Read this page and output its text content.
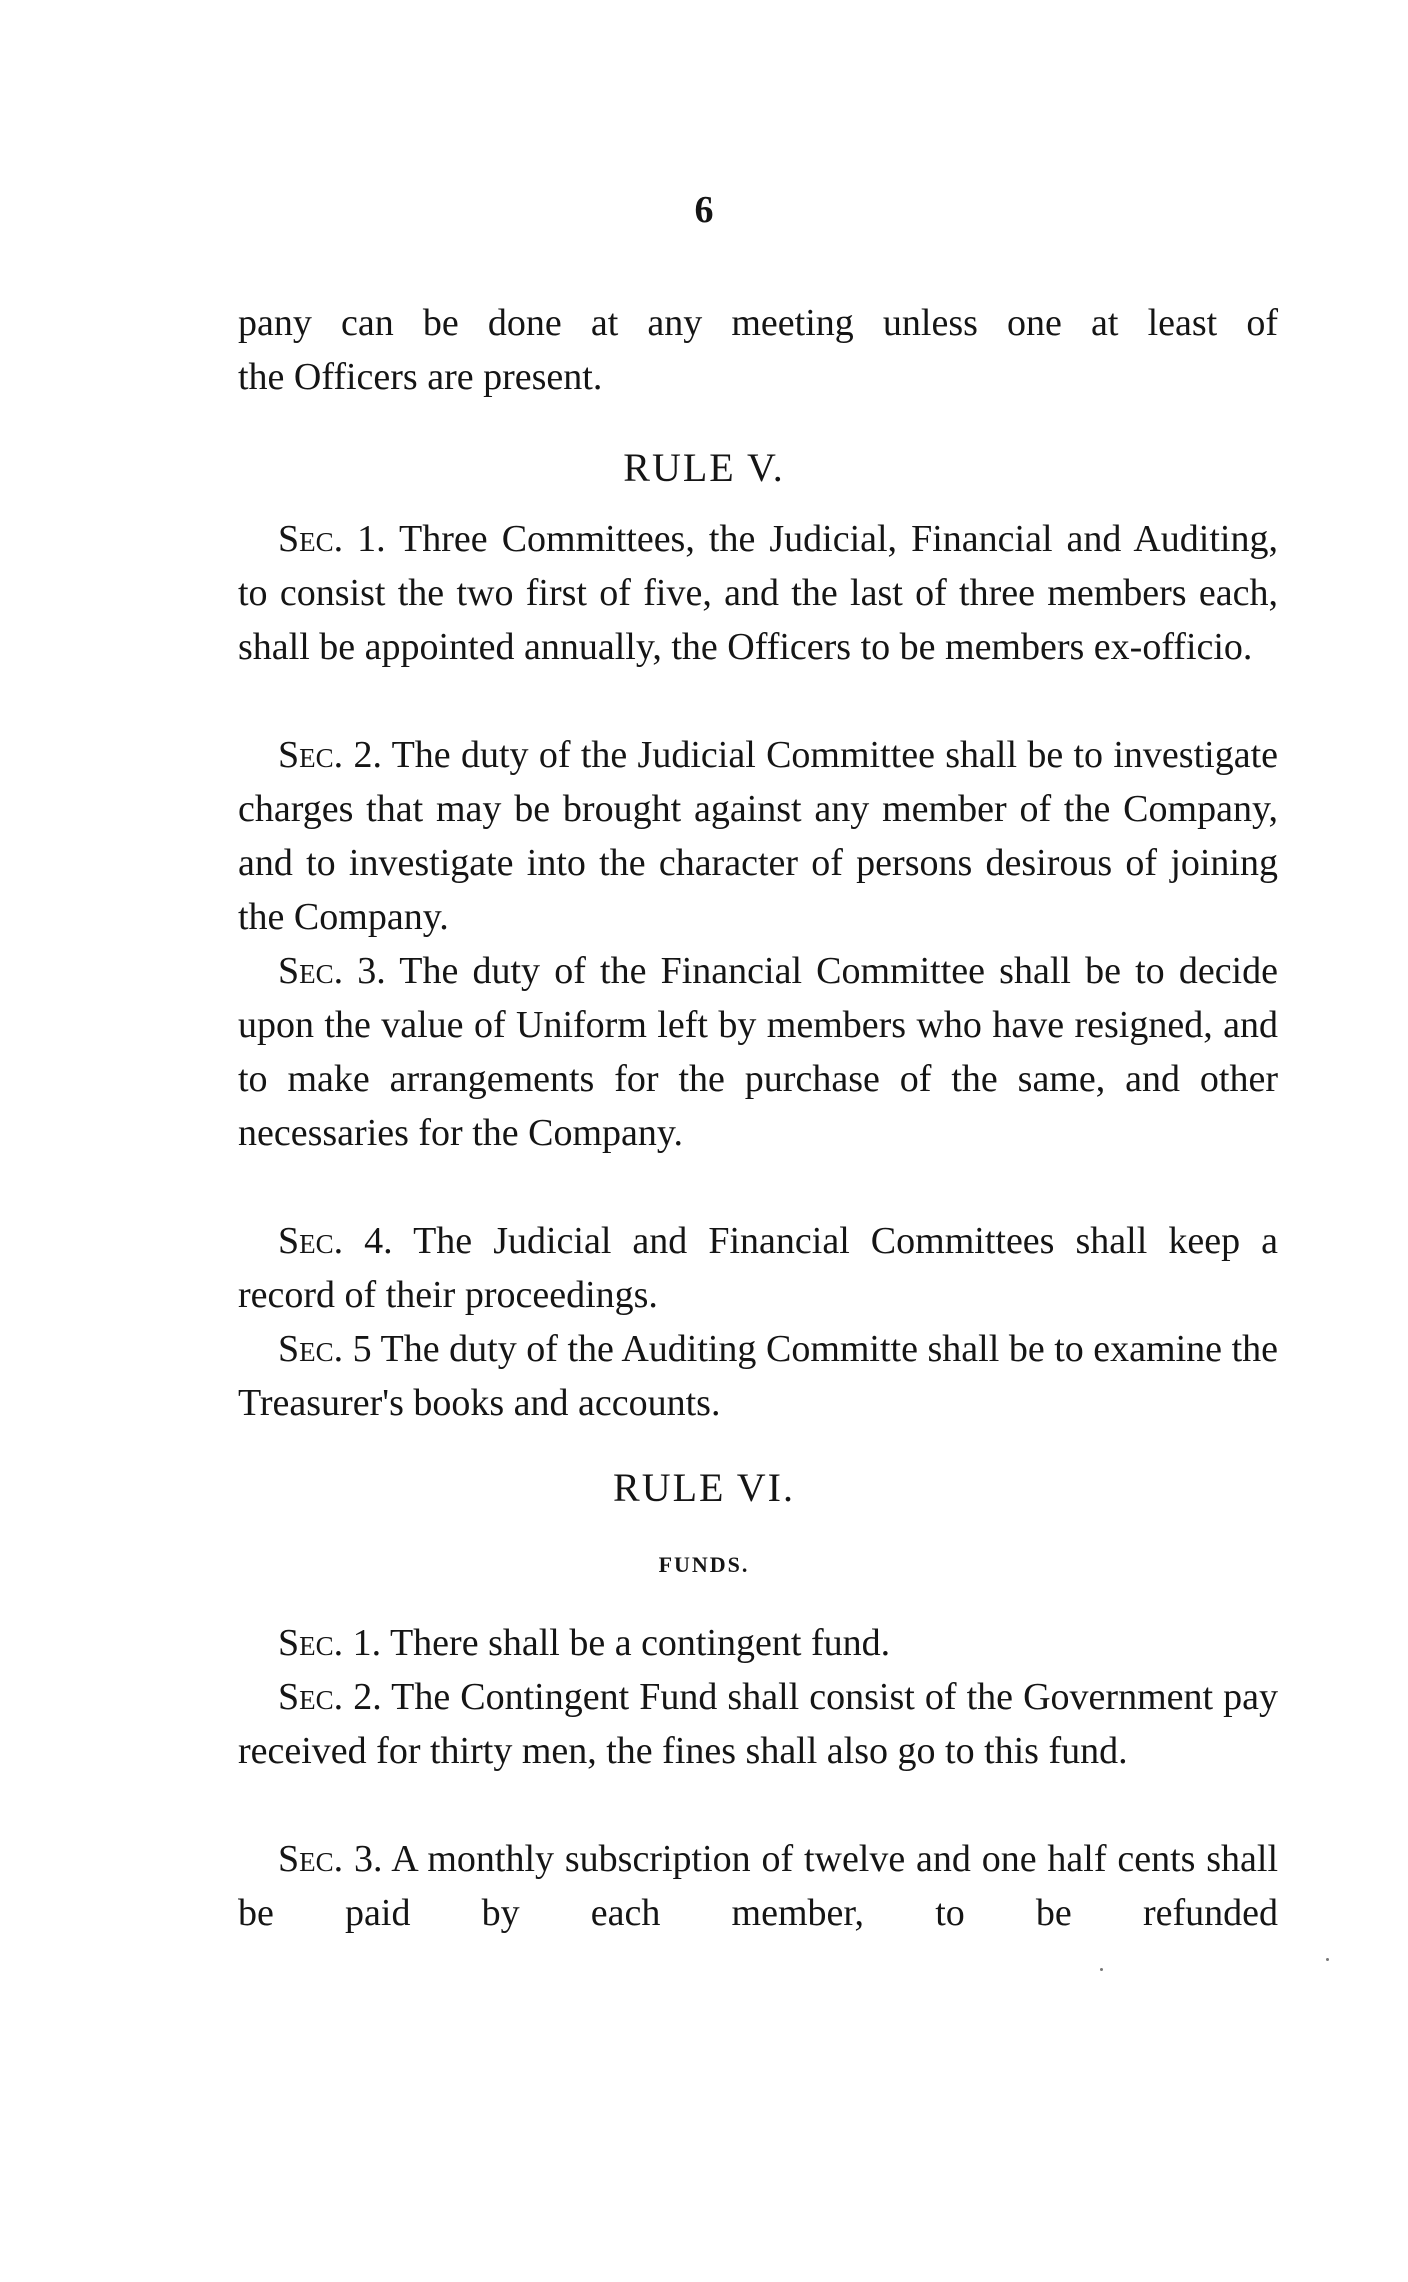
6
pany can be done at any meeting unless one at least of
the Officers are present.
RULE V.

Sec. 1. Three Committees, the Judicial, Financial and Auditing, to consist the two first of five, and the last of three members each, shall be appointed annually, the Officers to be members ex-officio.

Sec. 2. The duty of the Judicial Committee shall be to investigate charges that may be brought against any member of the Company, and to investigate into the character of persons desirous of joining the Company.

Sec. 3. The duty of the Financial Committee shall be to decide upon the value of Uniform left by members who have resigned, and to make arrangements for the purchase of the same, and other necessaries for the Company.

Sec. 4. The Judicial and Financial Committees shall keep a record of their proceedings.

Sec. 5 The duty of the Auditing Committe shall be to examine the Treasurer's books and accounts.

RULE VI.
FUNDS.

Sec. 1. There shall be a contingent fund.

Sec. 2. The Contingent Fund shall consist of the Government pay received for thirty men, the fines shall also go to this fund.

Sec. 3. A monthly subscription of twelve and one half cents shall be paid by each member, to be refunded
